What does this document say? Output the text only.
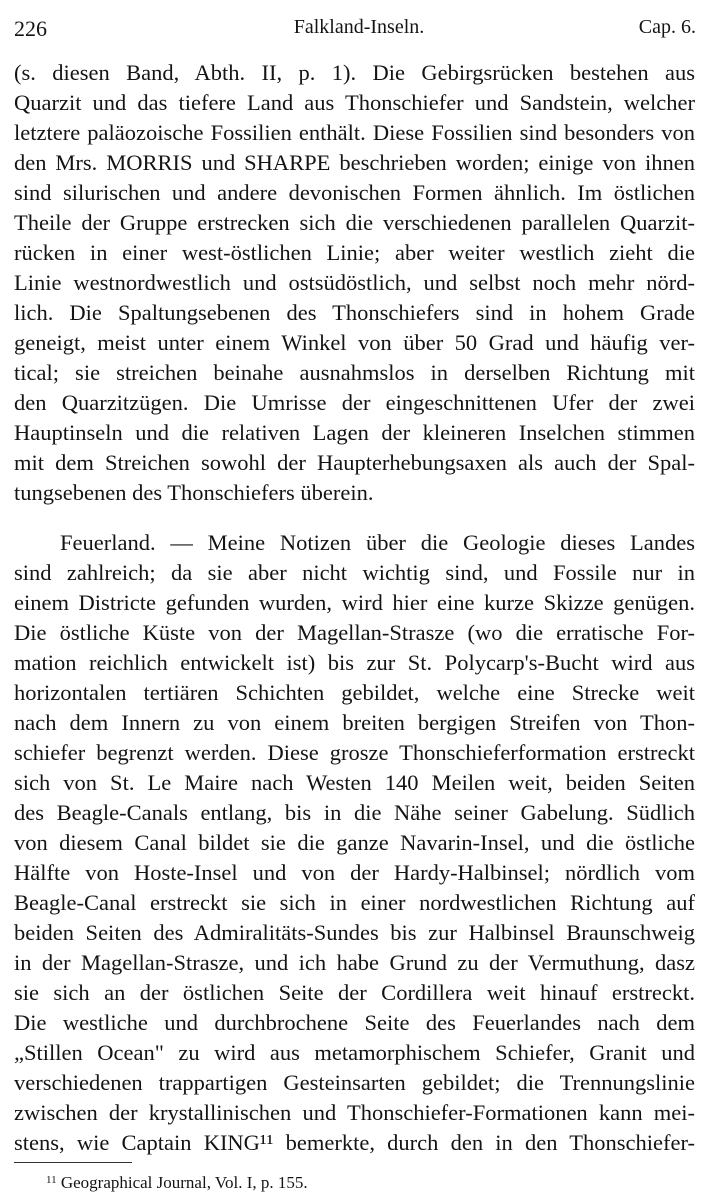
226	Falkland-Inseln.	Cap. 6.
(s. diesen Band, Abth. II, p. 1). Die Gebirgsrücken bestehen aus
Quarzit und das tiefere Land aus Thonschiefer und Sandstein, welcher
letztere paläozoische Fossilien enthält. Diese Fossilien sind besonders von
den Mrs. MORRIS und SHARPE beschrieben worden; einige von ihnen
sind silurischen und andere devonischen Formen ähnlich. Im östlichen
Theile der Gruppe erstrecken sich die verschiedenen parallelen Quarzit-
rücken in einer west-östlichen Linie; aber weiter westlich zieht die
Linie westnordwestlich und ostsüdöstlich, und selbst noch mehr nörd-
lich. Die Spaltungsebenen des Thonschiefers sind in hohem Grade
geneigt, meist unter einem Winkel von über 50 Grad und häufig ver-
tical; sie streichen beinahe ausnahmslos in derselben Richtung mit
den Quarzitzügen. Die Umrisse der eingeschnittenen Ufer der zwei
Hauptinseln und die relativen Lagen der kleineren Inselchen stimmen
mit dem Streichen sowohl der Haupterhebungsaxen als auch der Spal-
tungsebenen des Thonschiefers überein.
Feuerland. — Meine Notizen über die Geologie dieses Landes
sind zahlreich; da sie aber nicht wichtig sind, und Fossile nur in
einem Districte gefunden wurden, wird hier eine kurze Skizze genügen.
Die östliche Küste von der Magellan-Strasze (wo die erratische For-
mation reichlich entwickelt ist) bis zur St. Polycarp's-Bucht wird aus
horizontalen tertiären Schichten gebildet, welche eine Strecke weit
nach dem Innern zu von einem breiten bergigen Streifen von Thon-
schiefer begrenzt werden. Diese grosze Thonschieferformation erstreckt
sich von St. Le Maire nach Westen 140 Meilen weit, beiden Seiten
des Beagle-Canals entlang, bis in die Nähe seiner Gabelung. Südlich
von diesem Canal bildet sie die ganze Navarin-Insel, und die östliche
Hälfte von Hoste-Insel und von der Hardy-Halbinsel; nördlich vom
Beagle-Canal erstreckt sie sich in einer nordwestlichen Richtung auf
beiden Seiten des Admiralitäts-Sundes bis zur Halbinsel Braunschweig
in der Magellan-Strasze, und ich habe Grund zu der Vermuthung, dasz
sie sich an der östlichen Seite der Cordillera weit hinauf erstreckt.
Die westliche und durchbrochene Seite des Feuerlandes nach dem
„Stillen Ocean" zu wird aus metamorphischem Schiefer, Granit und
verschiedenen trappartigen Gesteinsarten gebildet; die Trennungslinie
zwischen der krystallinischen und Thonschiefer-Formationen kann mei-
stens, wie Captain KING¹¹ bemerkte, durch den in den Thonschiefer-
$^{11}$ Geographical Journal, Vol. I, p. 155.
